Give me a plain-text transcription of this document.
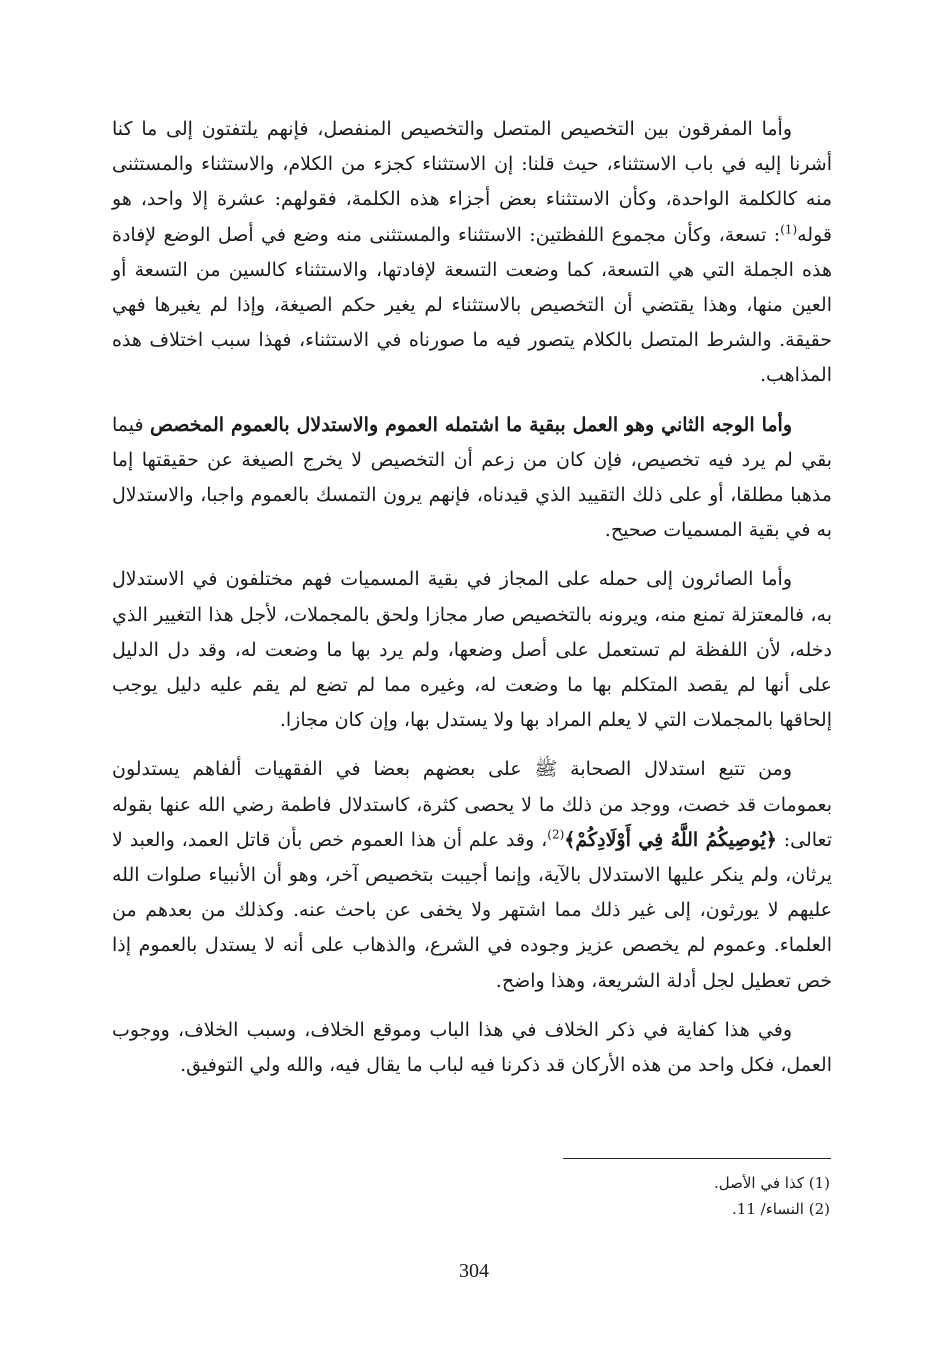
وأما المفرقون بين التخصيص المتصل والتخصيص المنفصل، فإنهم يلتفتون إلى ما كنا أشرنا إليه في باب الاستثناء، حيث قلنا: إن الاستثناء كجزء من الكلام، والاستثناء والمستثنى منه كالكلمة الواحدة، وكأن الاستثناء بعض أجزاء هذه الكلمة، فقولهم: عشرة إلا واحد، هو قوله$^{(1)}$: تسعة، وكأن مجموع اللفظتين: الاستثناء والمستثنى منه وضع في أصل الوضع لإفادة هذه الجملة التي هي التسعة، كما وضعت التسعة لإفادتها، والاستثناء كالسين من التسعة أو العين منها، وهذا يقتضي أن التخصيص بالاستثناء لم يغير حكم الصيغة، وإذا لم يغيرها فهي حقيقة. والشرط المتصل بالكلام يتصور فيه ما صورناه في الاستثناء، فهذا سبب اختلاف هذه المذاهب.

وأما الوجه الثاني وهو العمل ببقية ما اشتمله العموم والاستدلال بالعموم المخصص فيما بقي لم يرد فيه تخصيص، فإن كان من زعم أن التخصيص لا يخرج الصيغة عن حقيقتها إما مذهبا مطلقا، أو على ذلك التقييد الذي قيدناه، فإنهم يرون التمسك بالعموم واجبا، والاستدلال به في بقية المسميات صحيح.

وأما الصائرون إلى حمله على المجاز في بقية المسميات فهم مختلفون في الاستدلال به، فالمعتزلة تمنع منه، ويرونه بالتخصيص صار مجازا ولحق بالمجملات، لأجل هذا التغيير الذي دخله، لأن اللفظة لم تستعمل على أصل وضعها، ولم يرد بها ما وضعت له، وقد دل الدليل على أنها لم يقصد المتكلم بها ما وضعت له، وغيره مما لم تضع لم يقم عليه دليل يوجب إلحاقها بالمجملات التي لا يعلم المراد بها ولا يستدل بها، وإن كان مجازا.

ومن تتبع استدلال الصحابة ﷺ على بعضهم بعضا في الفقهيات ألفاهم يستدلون بعمومات قد خصت، ووجد من ذلك ما لا يحصى كثرة، كاستدلال فاطمة رضي الله عنها بقوله تعالى: ﴿يُوصِيكُمُ اللَّهُ فِي أَوْلَادِكُمْ﴾$^{(2)}$، وقد علم أن هذا العموم خص بأن قاتل العمد، والعبد لا يرثان، ولم ينكر عليها الاستدلال بالآية، وإنما أجيبت بتخصيص آخر، وهو أن الأنبياء صلوات الله عليهم لا يورثون، إلى غير ذلك مما اشتهر ولا يخفى عن باحث عنه. وكذلك من بعدهم من العلماء. وعموم لم يخصص عزيز وجوده في الشرع، والذهاب على أنه لا يستدل بالعموم إذا خص تعطيل لجل أدلة الشريعة، وهذا واضح.

وفي هذا كفاية في ذكر الخلاف في هذا الباب وموقع الخلاف، وسبب الخلاف، ووجوب العمل، فكل واحد من هذه الأركان قد ذكرنا فيه لباب ما يقال فيه، والله ولي التوفيق.

(1) كذا في الأصل.

(2) النساء/ 11.

304
